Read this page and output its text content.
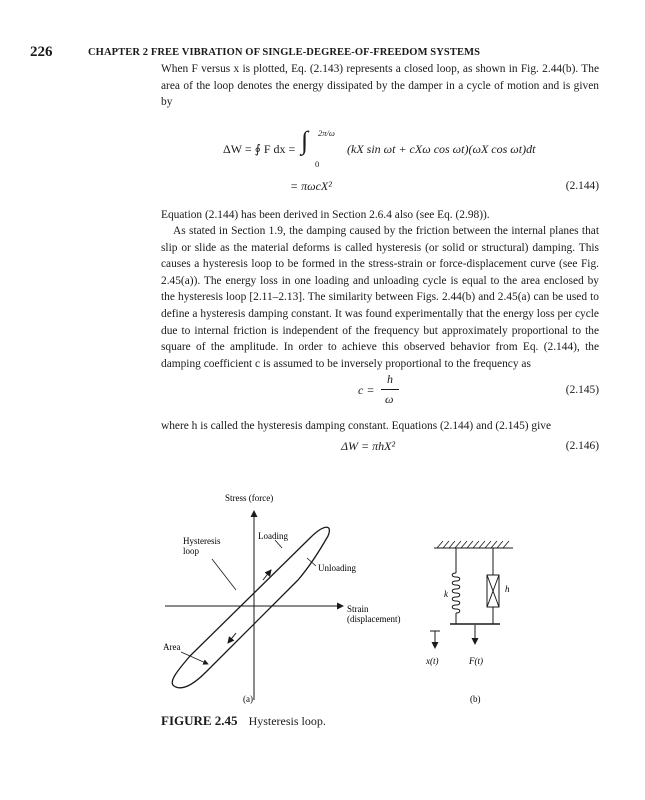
226	CHAPTER 2 FREE VIBRATION OF SINGLE-DEGREE-OF-FREEDOM SYSTEMS

When F versus x is plotted, Eq. (2.143) represents a closed loop, as shown in Fig. 2.44(b). The area of the loop denotes the energy dissipated by the damper in a cycle of motion and is given by

ΔW = ∮ F dx = ∫ 2π/ω
0
(kX sin ωt + cXω cos ωt)(ωX cos ωt)dt
= πωcX²	(2.144)

Equation (2.144) has been derived in Section 2.6.4 also (see Eq. (2.98)).

As stated in Section 1.9, the damping caused by the friction between the internal planes that slip or slide as the material deforms is called hysteresis (or solid or structural) damping. This causes a hysteresis loop to be formed in the stress-strain or force-displacement curve (see Fig. 2.45(a)). The energy loss in one loading and unloading cycle is equal to the area enclosed by the hysteresis loop [2.11–2.13]. The similarity between Figs. 2.44(b) and 2.45(a) can be used to define a hysteresis damping constant. It was found experimentally that the energy loss per cycle due to internal friction is independent of the frequency but approximately proportional to the square of the amplitude. In order to achieve this observed behavior from Eq. (2.144), the damping coefficient c is assumed to be inversely proportional to the frequency as

c =
h
ω
(2.145)

where h is called the hysteresis damping constant. Equations (2.144) and (2.145) give

ΔW = πhX²	(2.146)
Stress (force)
Hysteresis
loop
Loading
Unloading
Strain
(displacement)
Area
(a)
k	h
x(t)	F(t)
(b)
FIGURE 2.45 Hysteresis loop.
